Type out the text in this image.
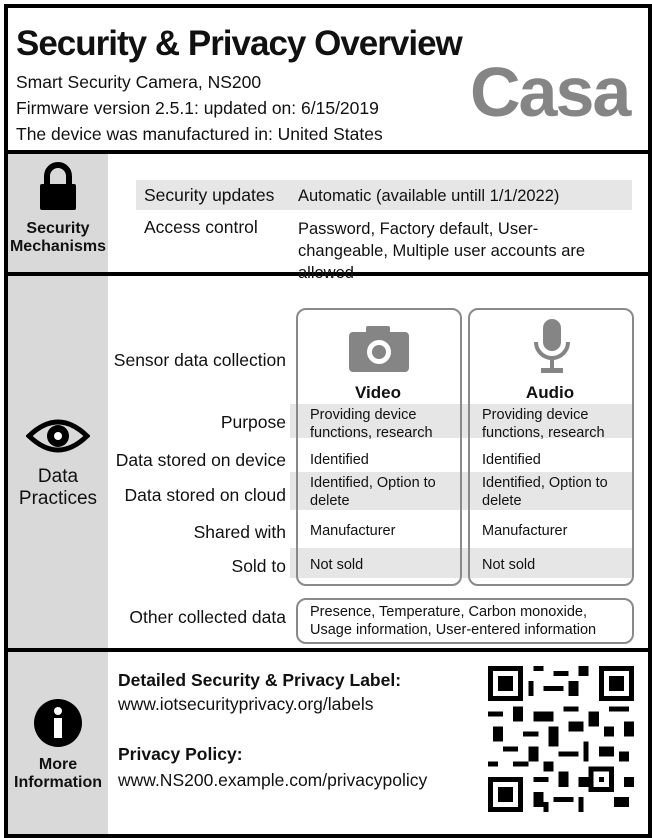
Security & Privacy Overview
Smart Security Camera, NS200
Firmware version 2.5.1: updated on: 6/15/2019
The device was manufactured in: United States
Casa
Security
Mechanisms
Security updates Automatic (available untill 1/1/2022)
Access control Password, Factory default, User-changeable, Multiple user accounts are allowed
Data
Practices
Video	Audio
Sensor data collection
Purpose
Data stored on device
Data stored on cloud
Shared with
Sold to
Providing device functions, research
Identified
Identified, Option to delete
Manufacturer
Not sold
Providing device functions, research
Identified
Identified, Option to delete
Manufacturer
Not sold
Other collected data Presence, Temperature, Carbon monoxide, Usage information, User-entered information
More
Information
Detailed Security & Privacy Label:
www.iotsecurityprivacy.org/labels
Privacy Policy:
www.NS200.example.com/privacypolicy
